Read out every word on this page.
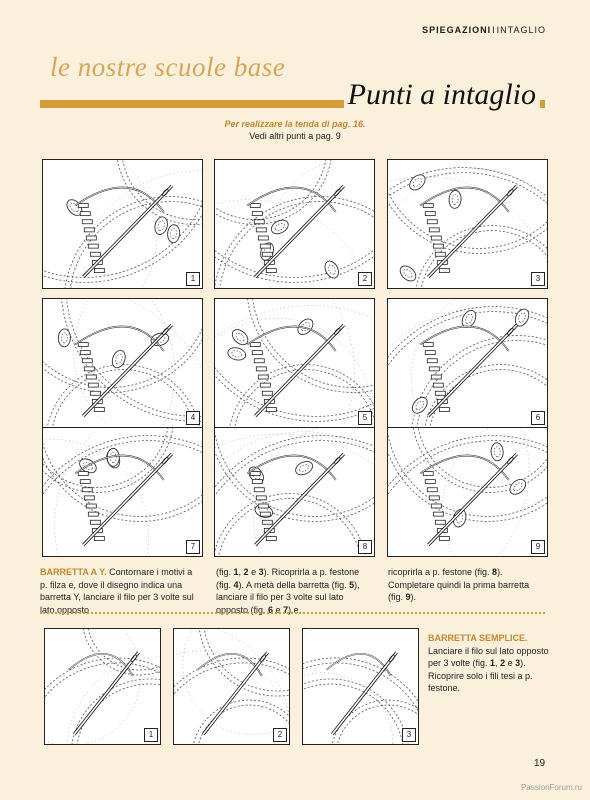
SPIEGAZIONIIINTAGLIO
le nostre scuole base
Punti a intaglio
Per realizzare la tenda di pag. 16.
Vedi altri punti a pag. 9
1	2	3
4	5	6
7	8	9
BARRETTA A Y. Contornare i motivi a p. filza e, dove il disegno indica una barretta Y, lanciare il filo per 3 volte sul lato opposto
(fig. 1, 2 e 3). Ricoprirla a p. festone (fig. 4). A metà della barretta (fig. 5), lanciare il filo per 3 volte sul lato opposto (fig. 6 e 7) e
ricoprirla a p. festone (fig. 8). Completare quindi la prima barretta (fig. 9).
1	2	3
BARRETTA SEMPLICE.
Lanciare il filo sul lato opposto per 3 volte (fig. 1, 2 e 3). Ricoprire solo i fili tesi a p. festone.
19
PassionForum.ru
